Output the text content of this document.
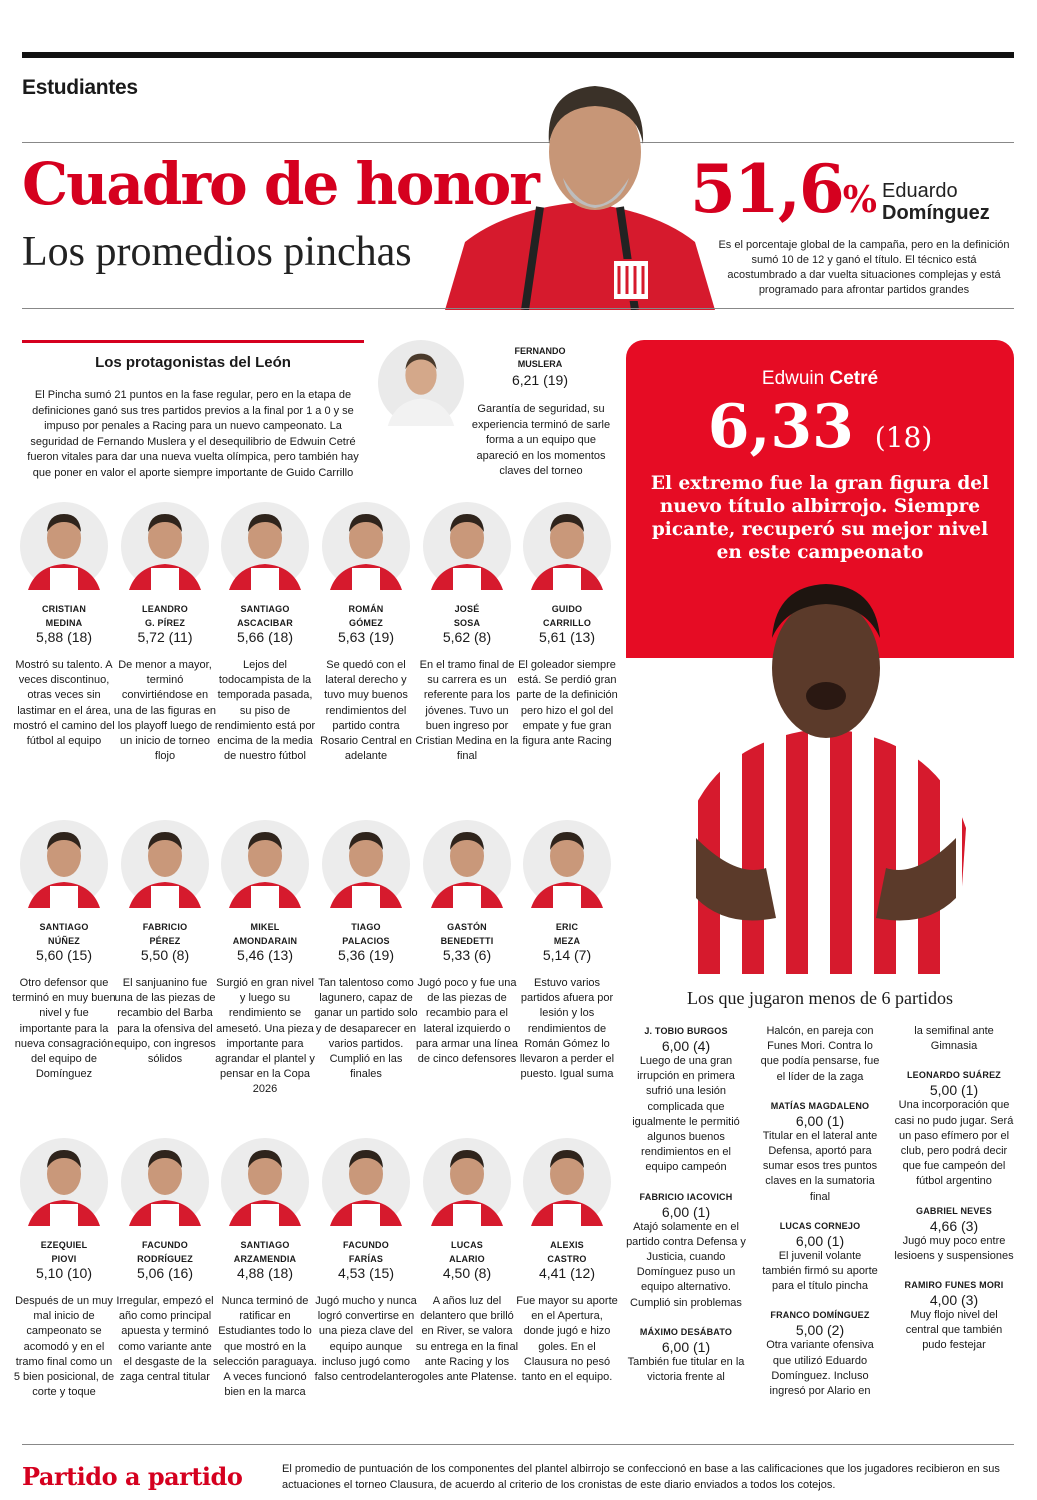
Estudiantes
Cuadro de honor
Los promedios pinchas
51,6% Eduardo
Domínguez
Es el porcentaje global de la campaña, pero en la definición sumó 10 de 12 y ganó el título. El técnico está acostumbrado a dar vuelta situaciones complejas y está programado para afrontar partidos grandes
Los protagonistas del León
El Pincha sumó 21 puntos en la fase regular, pero en la etapa de definiciones ganó sus tres partidos previos a la final por 1 a 0 y se impuso por penales a Racing para un nuevo campeonato. La seguridad de Fernando Muslera y el desequilibrio de Edwuin Cetré fueron vitales para dar una nueva vuelta olímpica, pero también hay que poner en valor el aporte siempre importante de Guido Carrillo
FERNANDO
MUSLERA
6,21 (19)
Garantía de seguridad, su experiencia terminó de sarle forma a un equipo que apareció en los momentos claves del torneo
Edwuin Cetré
6,33 (18)
El extremo fue la gran figura del nuevo título albirrojo. Siempre picante, recuperó su mejor nivel en este campeonato
CRISTIAN
MEDINA
5,88 (18)
Mostró su talento. A veces discontinuo, otras veces sin lastimar en el área, mostró el camino del fútbol al equipo
LEANDRO
G. PÍREZ
5,72 (11)
De menor a mayor, terminó convirtiéndose en una de las figuras en los playoff luego de un inicio de torneo flojo
SANTIAGO
ASCACIBAR
5,66 (18)
Lejos del todocampista de la temporada pasada, su piso de rendimiento está por encima de la media de nuestro fútbol
ROMÁN
GÓMEZ
5,63 (19)
Se quedó con el lateral derecho y tuvo muy buenos rendimientos del partido contra Rosario Central en adelante
JOSÉ
SOSA
5,62 (8)
En el tramo final de su carrera es un referente para los jóvenes. Tuvo un buen ingreso por Cristian Medina en la final
GUIDO
CARRILLO
5,61 (13)
El goleador siempre está. Se perdió gran parte de la definición pero hizo el gol del empate y fue gran figura ante Racing
SANTIAGO
NÚÑEZ
5,60 (15)
Otro defensor que terminó en muy buen nivel y fue importante para la nueva consagración del equipo de Domínguez
FABRICIO
PÉREZ
5,50 (8)
El sanjuanino fue una de las piezas de recambio del Barba para la ofensiva del equipo, con ingresos sólidos
MIKEL
AMONDARAIN
5,46 (13)
Surgió en gran nivel y luego su rendimiento se amesetó. Una pieza importante para agrandar el plantel y pensar en la Copa 2026
TIAGO
PALACIOS
5,36 (19)
Tan talentoso como lagunero, capaz de ganar un partido solo y de desaparecer en varios partidos. Cumplió en las finales
GASTÓN
BENEDETTI
5,33 (6)
Jugó poco y fue una de las piezas de recambio para el lateral izquierdo o para armar una línea de cinco defensores
ERIC
MEZA
5,14 (7)
Estuvo varios partidos afuera por lesión y los rendimientos de Román Gómez lo llevaron a perder el puesto. Igual suma
EZEQUIEL
PIOVI
5,10 (10)
Después de un muy mal inicio de campeonato se acomodó y en el tramo final como un 5 bien posicional, de corte y toque
FACUNDO
RODRÍGUEZ
5,06 (16)
Irregular, empezó el año como principal apuesta y terminó como variante ante el desgaste de la zaga central titular
SANTIAGO
ARZAMENDIA
4,88 (18)
Nunca terminó de ratificar en Estudiantes todo lo que mostró en la selección paraguaya. A veces funcionó bien en la marca
FACUNDO
FARÍAS
4,53 (15)
Jugó mucho y nunca logró convertirse en una pieza clave del equipo aunque incluso jugó como falso centrodelantero
LUCAS
ALARIO
4,50 (8)
A años luz del delantero que brilló en River, se valora su entrega en la final ante Racing y los goles ante Platense.
ALEXIS
CASTRO
4,41 (12)
Fue mayor su aporte en el Apertura, donde jugó e hizo goles. En el Clausura no pesó tanto en el equipo.
Los que jugaron menos de 6 partidos
J. TOBIO BURGOS
6,00 (4)
Luego de una gran irrupción en primera sufrió una lesión complicada que igualmente le permitió algunos buenos rendimientos en el equipo campeón
FABRICIO IACOVICH
6,00 (1)
Atajó solamente en el partido contra Defensa y Justicia, cuando Domínguez puso un equipo alternativo. Cumplió sin problemas
MÁXIMO DESÁBATO
6,00 (1)
También fue titular en la victoria frente al
Halcón, en pareja con Funes Mori. Contra lo que podía pensarse, fue el líder de la zaga
MATÍAS MAGDALENO
6,00 (1)
Titular en el lateral ante Defensa, aportó para sumar esos tres puntos claves en la sumatoria final
LUCAS CORNEJO
6,00 (1)
El juvenil volante también firmó su aporte para el título pincha
FRANCO DOMÍNGUEZ
5,00 (2)
Otra variante ofensiva que utilizó Eduardo Domínguez. Incluso ingresó por Alario en
la semifinal ante Gimnasia
LEONARDO SUÁREZ
5,00 (1)
Una incorporación que casi no pudo jugar. Será un paso efímero por el club, pero podrá decir que fue campeón del fútbol argentino
GABRIEL NEVES
4,66 (3)
Jugó muy poco entre lesioens y suspensiones
RAMIRO FUNES MORI
4,00 (3)
Muy flojo nivel del central que también pudo festejar
Partido a partido	El promedio de puntuación de los componentes del plantel albirrojo se confeccionó en base a las calificaciones que los jugadores recibieron en sus actuaciones el torneo Clausura, de acuerdo al criterio de los cronistas de este diario enviados a todos los cotejos.
